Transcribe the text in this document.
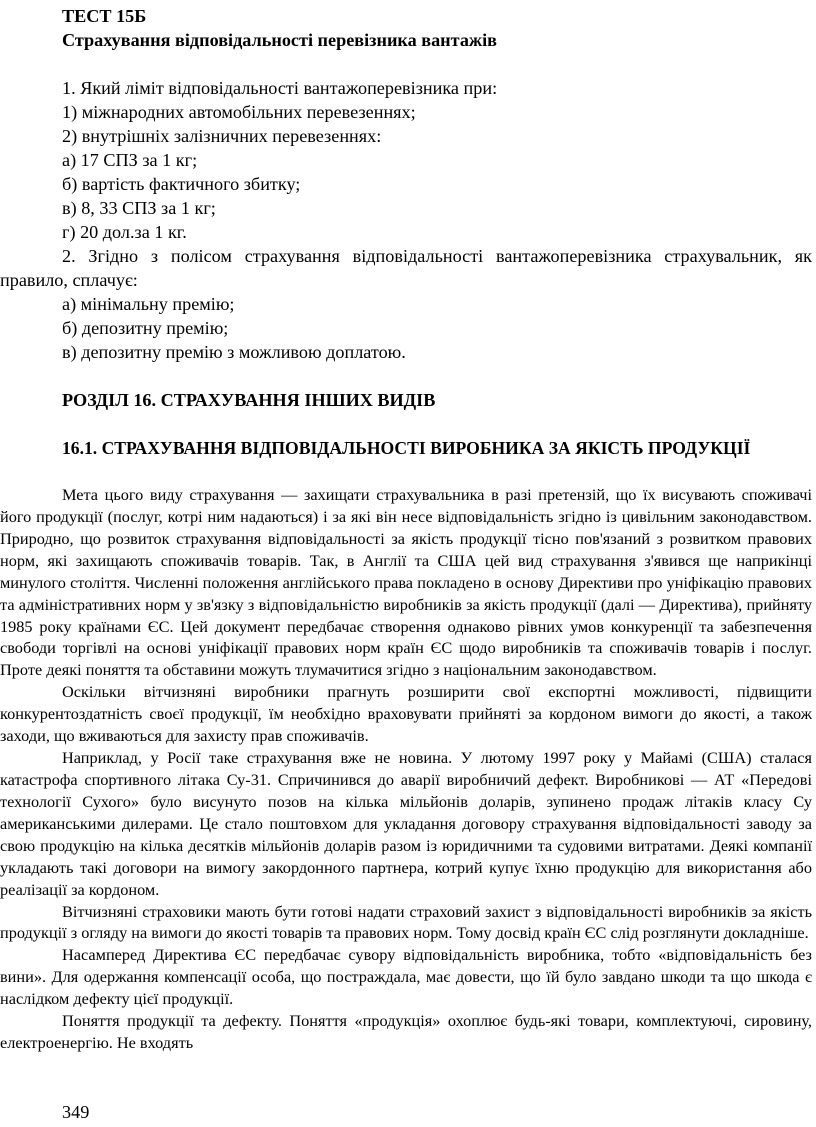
ТЕСТ 15Б
Страхування відповідальності перевізника вантажів
1. Який ліміт відповідальності вантажоперевізника при:
1) міжнародних автомобільних перевезеннях;
2) внутрішніх залізничних перевезеннях:
а) 17 СПЗ за 1 кг;
б) вартість фактичного збитку;
в) 8, 33 СПЗ за 1 кг;
г) 20 дол.за 1 кг.

2. Згідно з полісом страхування відповідальності вантажоперевізника страхувальник, як правило, сплачує:

а) мінімальну премію;
б) депозитну премію;
в) депозитну премію з можливою доплатою.
РОЗДІЛ 16. СТРАХУВАННЯ ІНШИХ ВИДІВ
16.1. СТРАХУВАННЯ ВІДПОВІДАЛЬНОСТІ ВИРОБНИКА ЗА ЯКІСТЬ ПРОДУКЦІЇ

Мета цього виду страхування — захищати страхувальника в разі претензій, що їх висувають споживачі його продукції (послуг, котрі ним надаються) і за які він несе відповідальність згідно із цивільним законодавством. Природно, що розвиток страхування відповідальності за якість продукції тісно пов'язаний з розвитком правових норм, які захищають споживачів товарів. Так, в Англії та США цей вид страхування з'явився ще наприкінці минулого століття. Численні положення англійського права покладено в основу Директиви про уніфікацію правових та адміністративних норм у зв'язку з відповідальністю виробників за якість продукції (далі — Директива), прийняту 1985 року країнами ЄС. Цей документ передбачає створення однаково рівних умов конкуренції та забезпечення свободи торгівлі на основі уніфікації правових норм країн ЄС щодо виробників та споживачів товарів і послуг. Проте деякі поняття та обставини можуть тлумачитися згідно з національним законодавством.

Оскільки вітчизняні виробники прагнуть розширити свої експортні можливості, підвищити конкурентоздатність своєї продукції, їм необхідно враховувати прийняті за кордоном вимоги до якості, а також заходи, що вживаються для захисту прав споживачів.

Наприклад, у Росії таке страхування вже не новина. У лютому 1997 року у Майамі (США) сталася катастрофа спортивного літака Су-31. Спричинився до аварії виробничий дефект. Виробникові — АТ «Передові технології Сухого» було висунуто позов на кілька мільйонів доларів, зупинено продаж літаків класу Су американськими дилерами. Це стало поштовхом для укладання договору страхування відповідальності заводу за свою продукцію на кілька десятків мільйонів доларів разом із юридичними та судовими витратами. Деякі компанії укладають такі договори на вимогу закордонного партнера, котрий купує їхню продукцію для використання або реалізації за кордоном.

Вітчизняні страховики мають бути готові надати страховий захист з відповідальності виробників за якість продукції з огляду на вимоги до якості товарів та правових норм. Тому досвід країн ЄС слід розглянути докладніше.

Насамперед Директива ЄС передбачає сувору відповідальність виробника, тобто «відповідальність без вини». Для одержання компенсації особа, що постраждала, має довести, що їй було завдано шкоди та що шкода є наслідком дефекту цієї продукції.

Поняття продукції та дефекту. Поняття «продукція» охоплює будь-які товари, комплектуючі, сировину, електроенергію. Не входять

349
